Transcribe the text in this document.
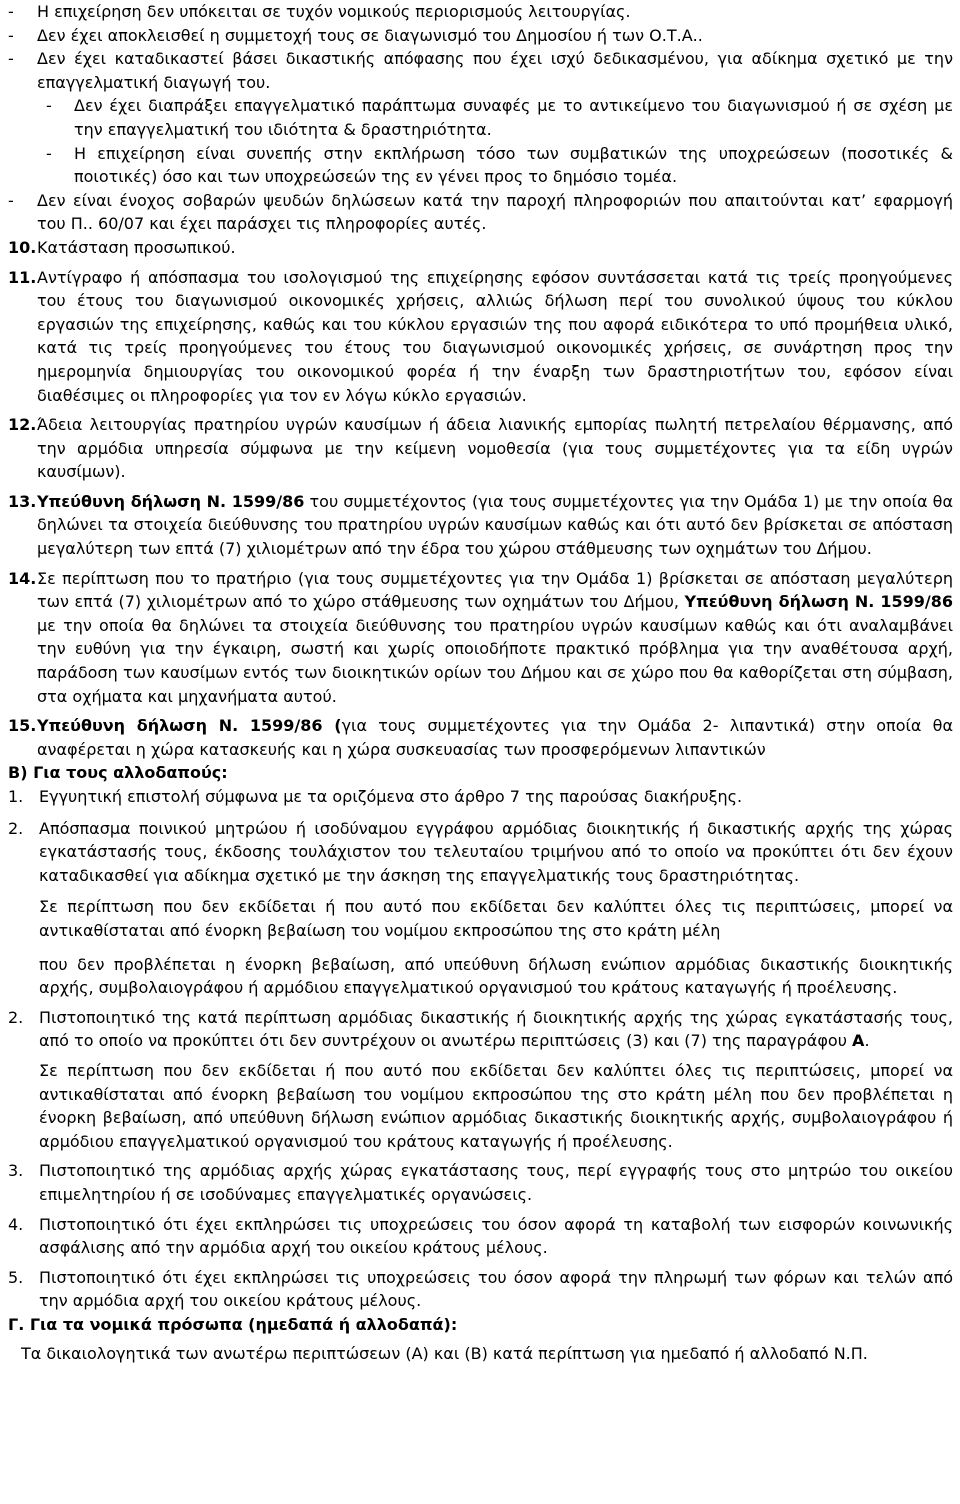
-	Η επιχείρηση δεν υπόκειται σε τυχόν νομικούς περιορισμούς λειτουργίας.
-	Δεν έχει αποκλεισθεί η συμμετοχή τους σε διαγωνισμό του Δημοσίου ή των Ο.Τ.Α..
-	Δεν έχει καταδικαστεί βάσει δικαστικής απόφασης που έχει ισχύ δεδικασμένου, για αδίκημα σχετικό με την επαγγελματική διαγωγή του.
-	Δεν έχει διαπράξει επαγγελματικό παράπτωμα συναφές με το αντικείμενο του διαγωνισμού ή σε σχέση με την επαγγελματική του ιδιότητα & δραστηριότητα.
-	Η επιχείρηση είναι συνεπής στην εκπλήρωση τόσο των συμβατικών της υποχρεώσεων (ποσοτικές & ποιοτικές) όσο και των υποχρεώσεών της εν γένει προς το δημόσιο τομέα.
-	Δεν είναι ένοχος σοβαρών ψευδών δηλώσεων κατά την παροχή πληροφοριών που απαιτούνται κατ’ εφαρμογή του Π.. 60/07 και έχει παράσχει τις πληροφορίες αυτές.
10. Κατάσταση προσωπικού.
11. Αντίγραφο ή απόσπασμα του ισολογισμού της επιχείρησης εφόσον συντάσσεται κατά τις τρείς προηγούμενες του έτους του διαγωνισμού οικονομικές χρήσεις, αλλιώς δήλωση περί του συνολικού ύψους του κύκλου εργασιών της επιχείρησης, καθώς και του κύκλου εργασιών της που αφορά ειδικότερα το υπό προμήθεια υλικό, κατά τις τρείς προηγούμενες του έτους του διαγωνισμού οικονομικές χρήσεις, σε συνάρτηση προς την ημερομηνία δημιουργίας του οικονομικού φορέα ή την έναρξη των δραστηριοτήτων του, εφόσον είναι διαθέσιμες οι πληροφορίες για τον εν λόγω κύκλο εργασιών.
12. Άδεια λειτουργίας πρατηρίου υγρών καυσίμων ή άδεια λιανικής εμπορίας πωλητή πετρελαίου θέρμανσης, από την αρμόδια υπηρεσία σύμφωνα με την κείμενη νομοθεσία (για τους συμμετέχοντες για τα είδη υγρών καυσίμων).
13. Υπεύθυνη δήλωση Ν. 1599/86 του συμμετέχοντος (για τους συμμετέχοντες για την Ομάδα 1) με την οποία θα δηλώνει τα στοιχεία διεύθυνσης του πρατηρίου υγρών καυσίμων καθώς και ότι αυτό δεν βρίσκεται σε απόσταση μεγαλύτερη των επτά (7) χιλιομέτρων από την έδρα του χώρου στάθμευσης των οχημάτων του Δήμου.
14. Σε περίπτωση που το πρατήριο (για τους συμμετέχοντες για την Ομάδα 1) βρίσκεται σε απόσταση μεγαλύτερη των επτά (7) χιλιομέτρων από το χώρο στάθμευσης των οχημάτων του Δήμου, Υπεύθυνη δήλωση Ν. 1599/86 με την οποία θα δηλώνει τα στοιχεία διεύθυνσης του πρατηρίου υγρών καυσίμων καθώς και ότι αναλαμβάνει την ευθύνη για την έγκαιρη, σωστή και χωρίς οποιοδήποτε πρακτικό πρόβλημα για την αναθέτουσα αρχή, παράδοση των καυσίμων εντός των διοικητικών ορίων του Δήμου και σε χώρο που θα καθορίζεται στη σύμβαση, στα οχήματα και μηχανήματα αυτού.
15. Υπεύθυνη δήλωση Ν. 1599/86 (για τους συμμετέχοντες για την Ομάδα 2- λιπαντικά) στην οποία θα αναφέρεται η χώρα κατασκευής και η χώρα συσκευασίας των προσφερόμενων λιπαντικών

Β) Για τους αλλοδαπούς:

1. Εγγυητική επιστολή σύμφωνα με τα οριζόμενα στο άρθρο 7 της παρούσας διακήρυξης.
2. Απόσπασμα ποινικού μητρώου ή ισοδύναμου εγγράφου αρμόδιας διοικητικής ή δικαστικής αρχής της χώρας εγκατάστασής τους, έκδοσης τουλάχιστον του τελευταίου τριμήνου από το οποίο να προκύπτει ότι δεν έχουν καταδικασθεί για αδίκημα σχετικό με την άσκηση της επαγγελματικής τους δραστηριότητας.

Σε περίπτωση που δεν εκδίδεται ή που αυτό που εκδίδεται δεν καλύπτει όλες τις περιπτώσεις, μπορεί να αντικαθίσταται από ένορκη βεβαίωση του νομίμου εκπροσώπου της στο κράτη μέλη

που δεν προβλέπεται η ένορκη βεβαίωση, από υπεύθυνη δήλωση ενώπιον αρμόδιας δικαστικής διοικητικής αρχής, συμβολαιογράφου ή αρμόδιου επαγγελματικού οργανισμού του κράτους καταγωγής ή προέλευσης.

2. Πιστοποιητικό της κατά περίπτωση αρμόδιας δικαστικής ή διοικητικής αρχής της χώρας εγκατάστασής τους, από το οποίο να προκύπτει ότι δεν συντρέχουν οι ανωτέρω περιπτώσεις (3) και (7) της παραγράφου Α.

Σε περίπτωση που δεν εκδίδεται ή που αυτό που εκδίδεται δεν καλύπτει όλες τις περιπτώσεις, μπορεί να αντικαθίσταται από ένορκη βεβαίωση του νομίμου εκπροσώπου της στο κράτη μέλη που δεν προβλέπεται η ένορκη βεβαίωση, από υπεύθυνη δήλωση ενώπιον αρμόδιας δικαστικής διοικητικής αρχής, συμβολαιογράφου ή αρμόδιου επαγγελματικού οργανισμού του κράτους καταγωγής ή προέλευσης.

3. Πιστοποιητικό της αρμόδιας αρχής χώρας εγκατάστασης τους, περί εγγραφής τους στο μητρώο του οικείου επιμελητηρίου ή σε ισοδύναμες επαγγελματικές οργανώσεις.
4. Πιστοποιητικό ότι έχει εκπληρώσει τις υποχρεώσεις του όσον αφορά τη καταβολή των εισφορών κοινωνικής ασφάλισης από την αρμόδια αρχή του οικείου κράτους μέλους.
5. Πιστοποιητικό ότι έχει εκπληρώσει τις υποχρεώσεις του όσον αφορά την πληρωμή των φόρων και τελών από την αρμόδια αρχή του οικείου κράτους μέλους.

Γ. Για τα νομικά πρόσωπα (ημεδαπά ή αλλοδαπά):

Τα δικαιολογητικά των ανωτέρω περιπτώσεων (Α) και (Β) κατά περίπτωση για ημεδαπό ή αλλοδαπό Ν.Π.
